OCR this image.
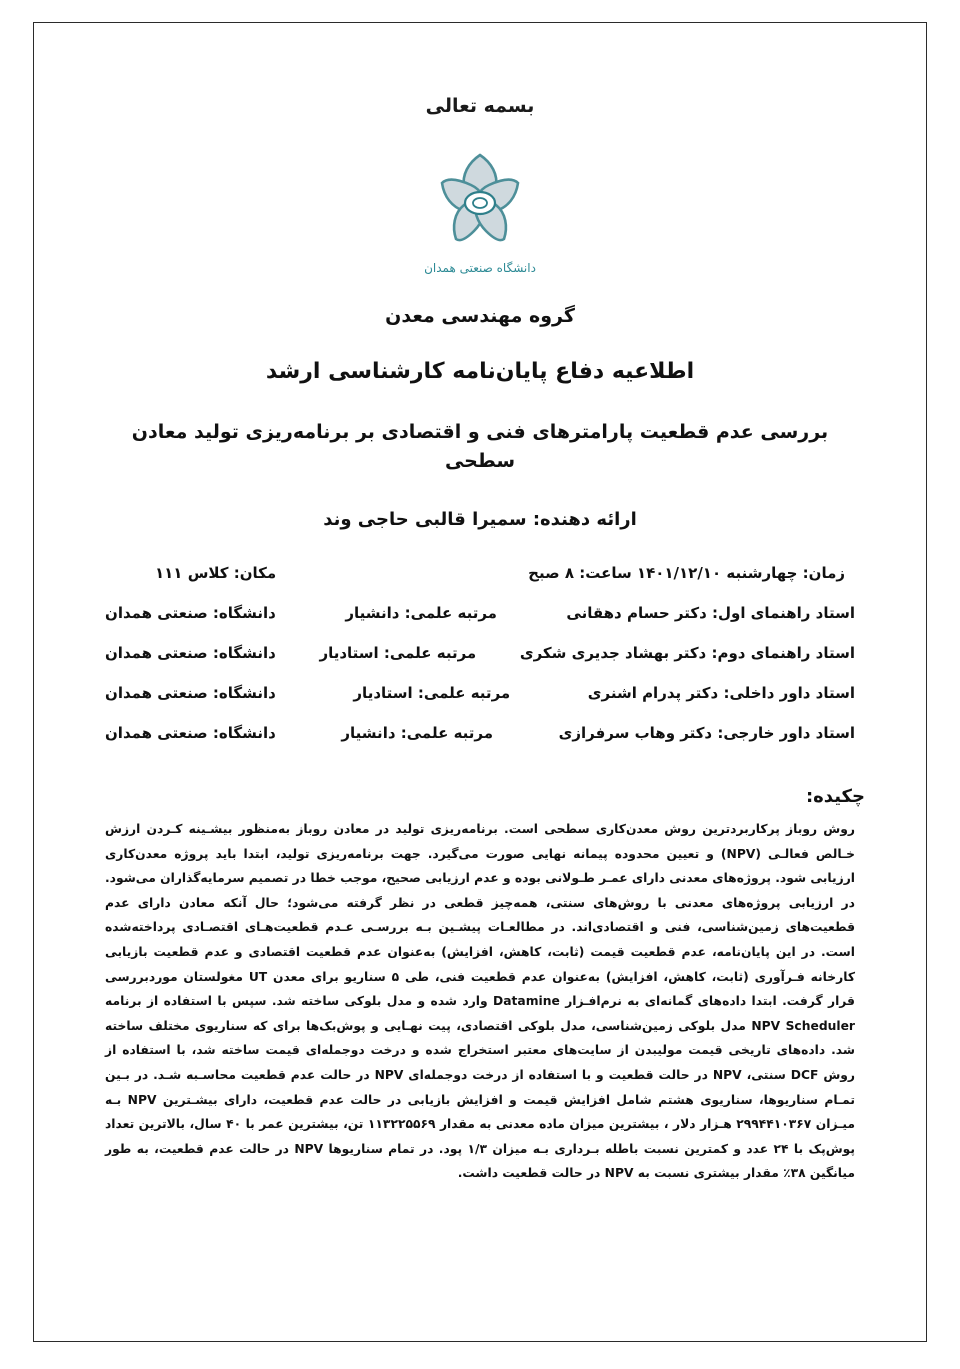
بسمه تعالی
دانشگاه صنعتی همدان
گروه مهندسی معدن
اطلاعیه دفاع پایان‌نامه کارشناسی ارشد
بررسی عدم قطعیت پارامترهای فنی و اقتصادی بر برنامه‌ریزی تولید معادن سطحی
ارائه دهنده: سمیرا قالبی حاجی وند
زمان: چهارشنبه ۱۴۰۱/۱۲/۱۰ ساعت: ۸ صبح
مکان: کلاس ۱۱۱
استاد راهنمای اول: دکتر حسام دهقانی
مرتبه علمی: دانشیار
دانشگاه: صنعتی همدان
استاد راهنمای دوم: دکتر بهشاد جدیری شکری
مرتبه علمی: استادیار
دانشگاه: صنعتی همدان
استاد داور داخلی: دکتر پدرام اشنری
مرتبه علمی: استادیار
دانشگاه: صنعتی همدان
استاد داور خارجی: دکتر وهاب سرفرازی
مرتبه علمی: دانشیار
دانشگاه: صنعتی همدان
چکیده:
روش روباز پرکاربردترین روش معدن‌کاری سطحی است. برنامه‌ریزی تولید در معادن روباز به‌منظور بیشـینه کـردن ارزش خـالص فعالـی (NPV) و تعیین محدوده پیمانه نهایی صورت می‌گیرد. جهت برنامه‌ریزی تولید، ابتدا باید پروژه معدن‌کاری ارزیابی شود. پروژه‌های معدنی دارای عمـر طـولانی بوده و عدم ارزیابی صحیح، موجب خطا در تصمیم سرمایه‌گذاران می‌شود. در ارزیابی پروژه‌های معدنی با روش‌های سنتی، همه‌چیز قطعی در نظر گرفته می‌شود؛ حال آنکه معادن دارای عدم قطعیت‌های زمین‌شناسی، فنی و اقتصادی‌اند. در مطالعـات پیشـین بـه بررسـی عـدم قطعیت‌هـای اقتصـادی پرداخته‌شده است. در این پایان‌نامه، عدم قطعیت قیمت (ثابت، کاهش، افزایش) به‌عنوان عدم قطعیت اقتصادی و عدم قطعیت بازیابی کارخانه فـرآوری (ثابت، کاهش، افزایش) به‌عنوان عدم قطعیت فنی، طی ۵ سناریو برای معدن UT مغولستان موردبررسی قرار گرفت. ابتدا داده‌های گمانه‌ای به نرم‌افـزار Datamine وارد شده و مدل بلوکی ساخته شد. سپس با استفاده از برنامه NPV Scheduler مدل بلوکی زمین‌شناسی، مدل بلوکی اقتصادی، پیت نهـایی و پوش‌بک‌ها برای که سناریوی مختلف ساخته شد. داده‌های تاریخی قیمت مولیبدن از سایت‌های معتبر استخراج شده و درخت دوجمله‌ای قیمت ساخته شد، با استفاده از روش DCF سنتی، NPV در حالت قطعیت و با استفاده از درخت دوجمله‌ای NPV در حالت عدم قطعیت محاسـبه شـد. در بـین تمـام سناریوها، سناریوی هشتم شامل افزایش قیمت و افزایش بازیابی در حالت عدم قطعیت، دارای بیشـترین NPV بـه میـزان ۲۹۹۴۴۱۰۳۶۷ هـزار دلار ، بیشترین میزان ماده معدنی به مقدار ۱۱۳۲۲۵۵۶۹ تن، بیشترین عمر با ۴۰ سال، بالاترین تعداد پوش‌پک با ۲۴ عدد و کمترین نسبت باطله بـرداری بـه میزان ۱/۳ پود. در تمام سناریوها NPV در حالت عدم قطعیت، به طور میانگین ۳۸٪ مقدار بیشتری نسبت به NPV در حالت قطعیت داشت.
